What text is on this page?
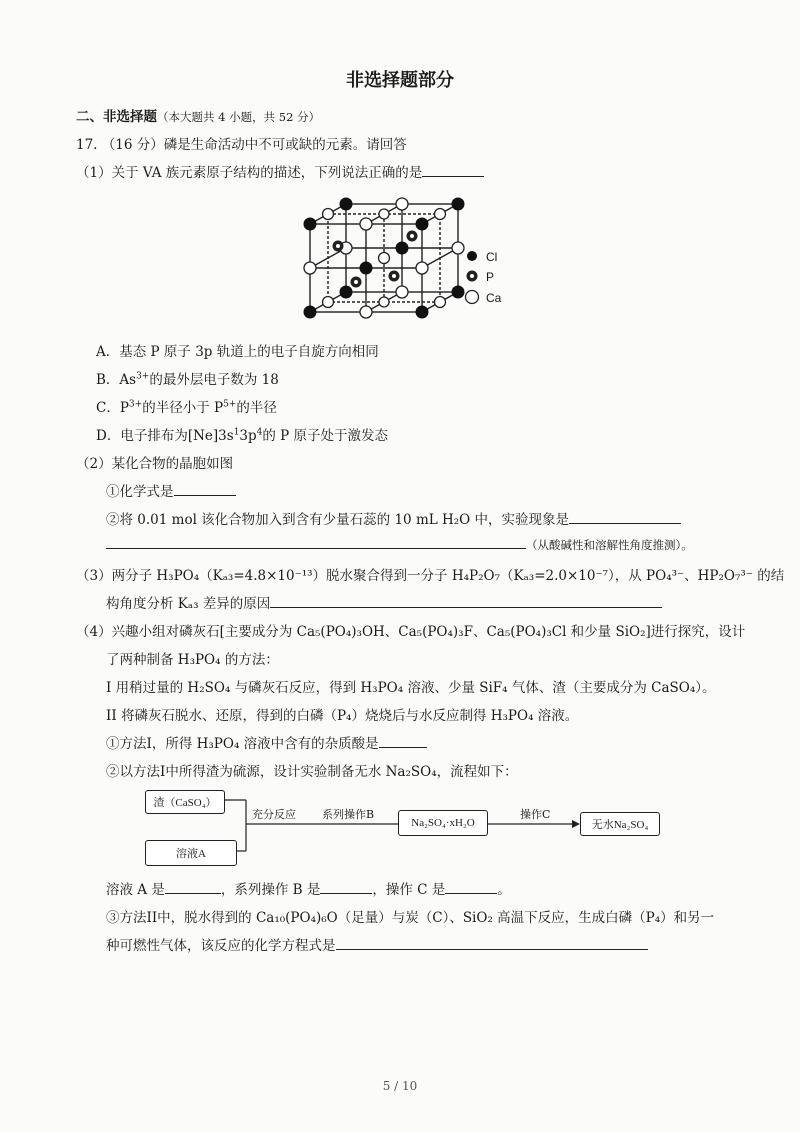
非选择题部分
二、非选择题（本大题共 4 小题，共 52 分）
17. （16 分）磷是生命活动中不可或缺的元素。请回答
（1）关于 VA 族元素原子结构的描述，下列说法正确的是
Cl
P
Ca
A．基态 P 原子 3p 轨道上的电子自旋方向相同
B．$As^{3+}$的最外层电子数为 18
C．$P^{3+}$的半径小于 $P^{5+}$的半径
D．电子排布为$[Ne]3s^13p^4$的 P 原子处于激发态
（2）某化合物的晶胞如图
①化学式是
②将 0.01 mol 该化合物加入到含有少量石蕊的 10 mL H₂O 中，实验现象是
（从酸碱性和溶解性角度推测）。
（3）两分子 H₃PO₄（Kₐ₃=4.8×10⁻¹³）脱水聚合得到一分子 H₄P₂O₇（Kₐ₃=2.0×10⁻⁷），从 PO₄³⁻、HP₂O₇³⁻ 的结
构角度分析 Kₐ₃ 差异的原因
（4）兴趣小组对磷灰石[主要成分为 Ca₅(PO₄)₃OH、Ca₅(PO₄)₃F、Ca₅(PO₄)₃Cl 和少量 SiO₂]进行探究，设计
了两种制备 H₃PO₄ 的方法：
I 用稍过量的 H₂SO₄ 与磷灰石反应，得到 H₃PO₄ 溶液、少量 SiF₄ 气体、渣（主要成分为 CaSO₄）。
II 将磷灰石脱水、还原，得到的白磷（P₄）烧烧后与水反应制得 H₃PO₄ 溶液。
①方法I，所得 H₃PO₄ 溶液中含有的杂质酸是
②以方法I中所得渣为硫源，设计实验制备无水 Na₂SO₄，流程如下：
渣（CaSO₄）
溶液A
充分反应 系列操作B
Na₂SO₄·xH₂O
操作C
无水Na₂SO₄
溶液 A 是	，系列操作 B 是	，操作 C 是	。
③方法II中，脱水得到的 Ca₁₀(PO₄)₆O（足量）与炭（C）、SiO₂ 高温下反应，生成白磷（P₄）和另一
种可燃性气体，该反应的化学方程式是
5 / 10
